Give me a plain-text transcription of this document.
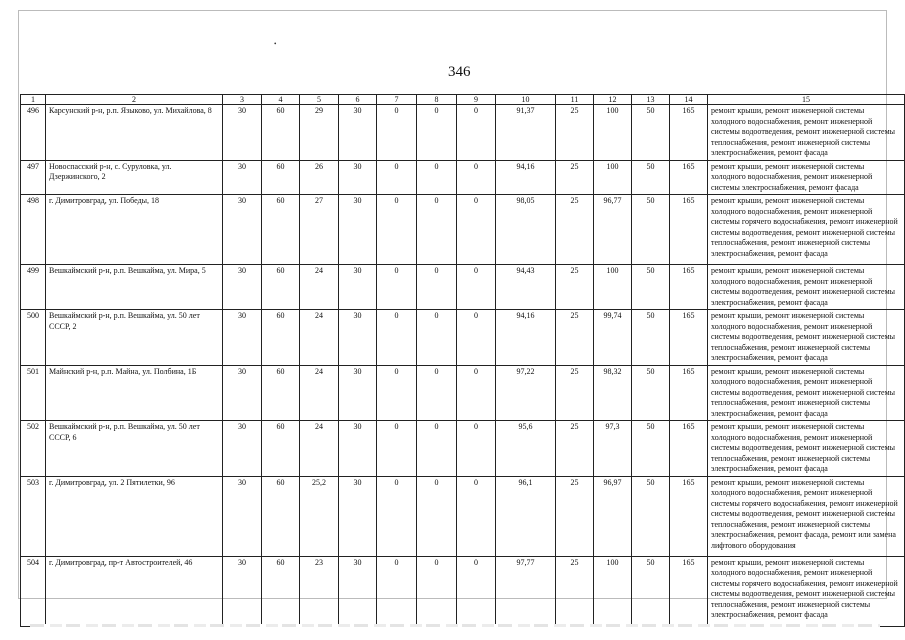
•
346
1	2	3	4	5	6	7	8	9	10	11	12	13	14	15
496	Карсунский р-н, р.п. Языково, ул. Михайлова, 8	30	60	29	30	0	0	0	91,37	25	100	50	165	ремонт крыши, ремонт инженерной системы холодного водоснабжения, ремонт инженерной системы водоотведения, ремонт инженерной системы теплоснабжения, ремонт инженерной системы электроснабжения, ремонт фасада
497	Новоспасский р-н, с. Суруловка, ул. Дзержинского, 2	30	60	26	30	0	0	0	94,16	25	100	50	165	ремонт крыши, ремонт инженерной системы холодного водоснабжения, ремонт инженерной системы электроснабжения, ремонт фасада
498	г. Димитровград, ул. Победы, 18	30	60	27	30	0	0	0	98,05	25	96,77	50	165	ремонт крыши, ремонт инженерной системы холодного водоснабжения, ремонт инженерной системы горячего водоснабжения, ремонт инженерной системы водоотведения, ремонт инженерной системы теплоснабжения, ремонт инженерной системы электроснабжения, ремонт фасада
499	Вешкаймский р-н, р.п. Вешкайма, ул. Мира, 5	30	60	24	30	0	0	0	94,43	25	100	50	165	ремонт крыши, ремонт инженерной системы холодного водоснабжения, ремонт инженерной системы водоотведения, ремонт инженерной системы электроснабжения, ремонт фасада
500	Вешкаймский р-н, р.п. Вешкайма, ул. 50 лет СССР, 2	30	60	24	30	0	0	0	94,16	25	99,74	50	165	ремонт крыши, ремонт инженерной системы холодного водоснабжения, ремонт инженерной системы водоотведения, ремонт инженерной системы теплоснабжения, ремонт инженерной системы электроснабжения, ремонт фасада
501	Майнский р-н, р.п. Майна, ул. Полбина, 1Б	30	60	24	30	0	0	0	97,22	25	98,32	50	165	ремонт крыши, ремонт инженерной системы холодного водоснабжения, ремонт инженерной системы водоотведения, ремонт инженерной системы теплоснабжения, ремонт инженерной системы электроснабжения, ремонт фасада
502	Вешкаймский р-н, р.п. Вешкайма, ул. 50 лет СССР, 6	30	60	24	30	0	0	0	95,6	25	97,3	50	165	ремонт крыши, ремонт инженерной системы холодного водоснабжения, ремонт инженерной системы водоотведения, ремонт инженерной системы теплоснабжения, ремонт инженерной системы электроснабжения, ремонт фасада
503	г. Димитровград, ул. 2 Пятилетки, 96	30	60	25,2	30	0	0	0	96,1	25	96,97	50	165	ремонт крыши, ремонт инженерной системы холодного водоснабжения, ремонт инженерной системы горячего водоснабжения, ремонт инженерной системы водоотведения, ремонт инженерной системы теплоснабжения, ремонт инженерной системы электроснабжения, ремонт фасада, ремонт или замена лифтового оборудования
504	г. Димитровград, пр-т Автостроителей, 46	30	60	23	30	0	0	0	97,77	25	100	50	165	ремонт крыши, ремонт инженерной системы холодного водоснабжения, ремонт инженерной системы горячего водоснабжения, ремонт инженерной системы водоотведения, ремонт инженерной системы теплоснабжения, ремонт инженерной системы электроснабжения, ремонт фасада
